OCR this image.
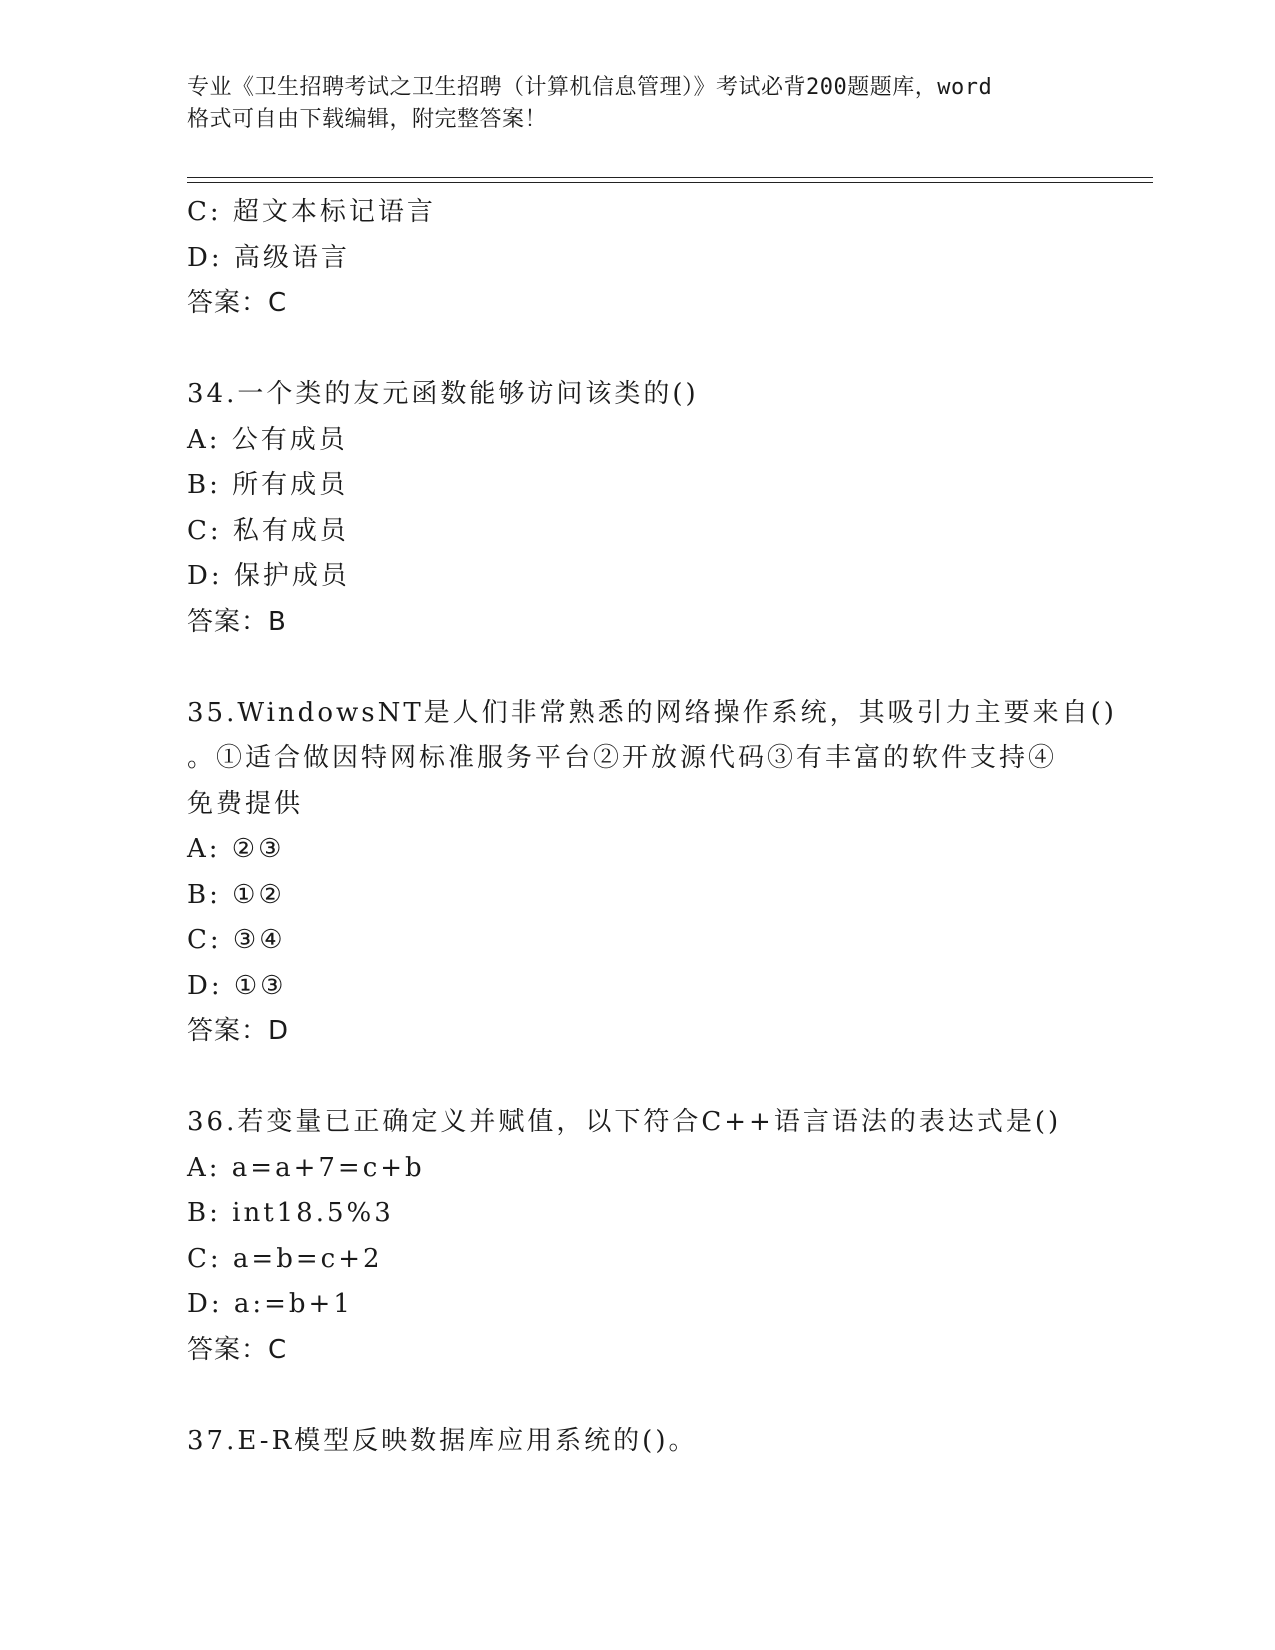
专业《卫生招聘考试之卫生招聘（计算机信息管理）》考试必背200题题库，word
格式可自由下载编辑，附完整答案！
C: 超文本标记语言
D: 高级语言
答案：C
34.一个类的友元函数能够访问该类的()
A: 公有成员
B: 所有成员
C: 私有成员
D: 保护成员
答案：B
35.WindowsNT是人们非常熟悉的网络操作系统，其吸引力主要来自()
。①适合做因特网标准服务平台②开放源代码③有丰富的软件支持④
免费提供
A: ②③
B: ①②
C: ③④
D: ①③
答案：D
36.若变量已正确定义并赋值，以下符合C++语言语法的表达式是()
A: a=a+7=c+b
B: int18.5%3
C: a=b=c+2
D: a:=b+1
答案：C
37.E-R模型反映数据库应用系统的()。
